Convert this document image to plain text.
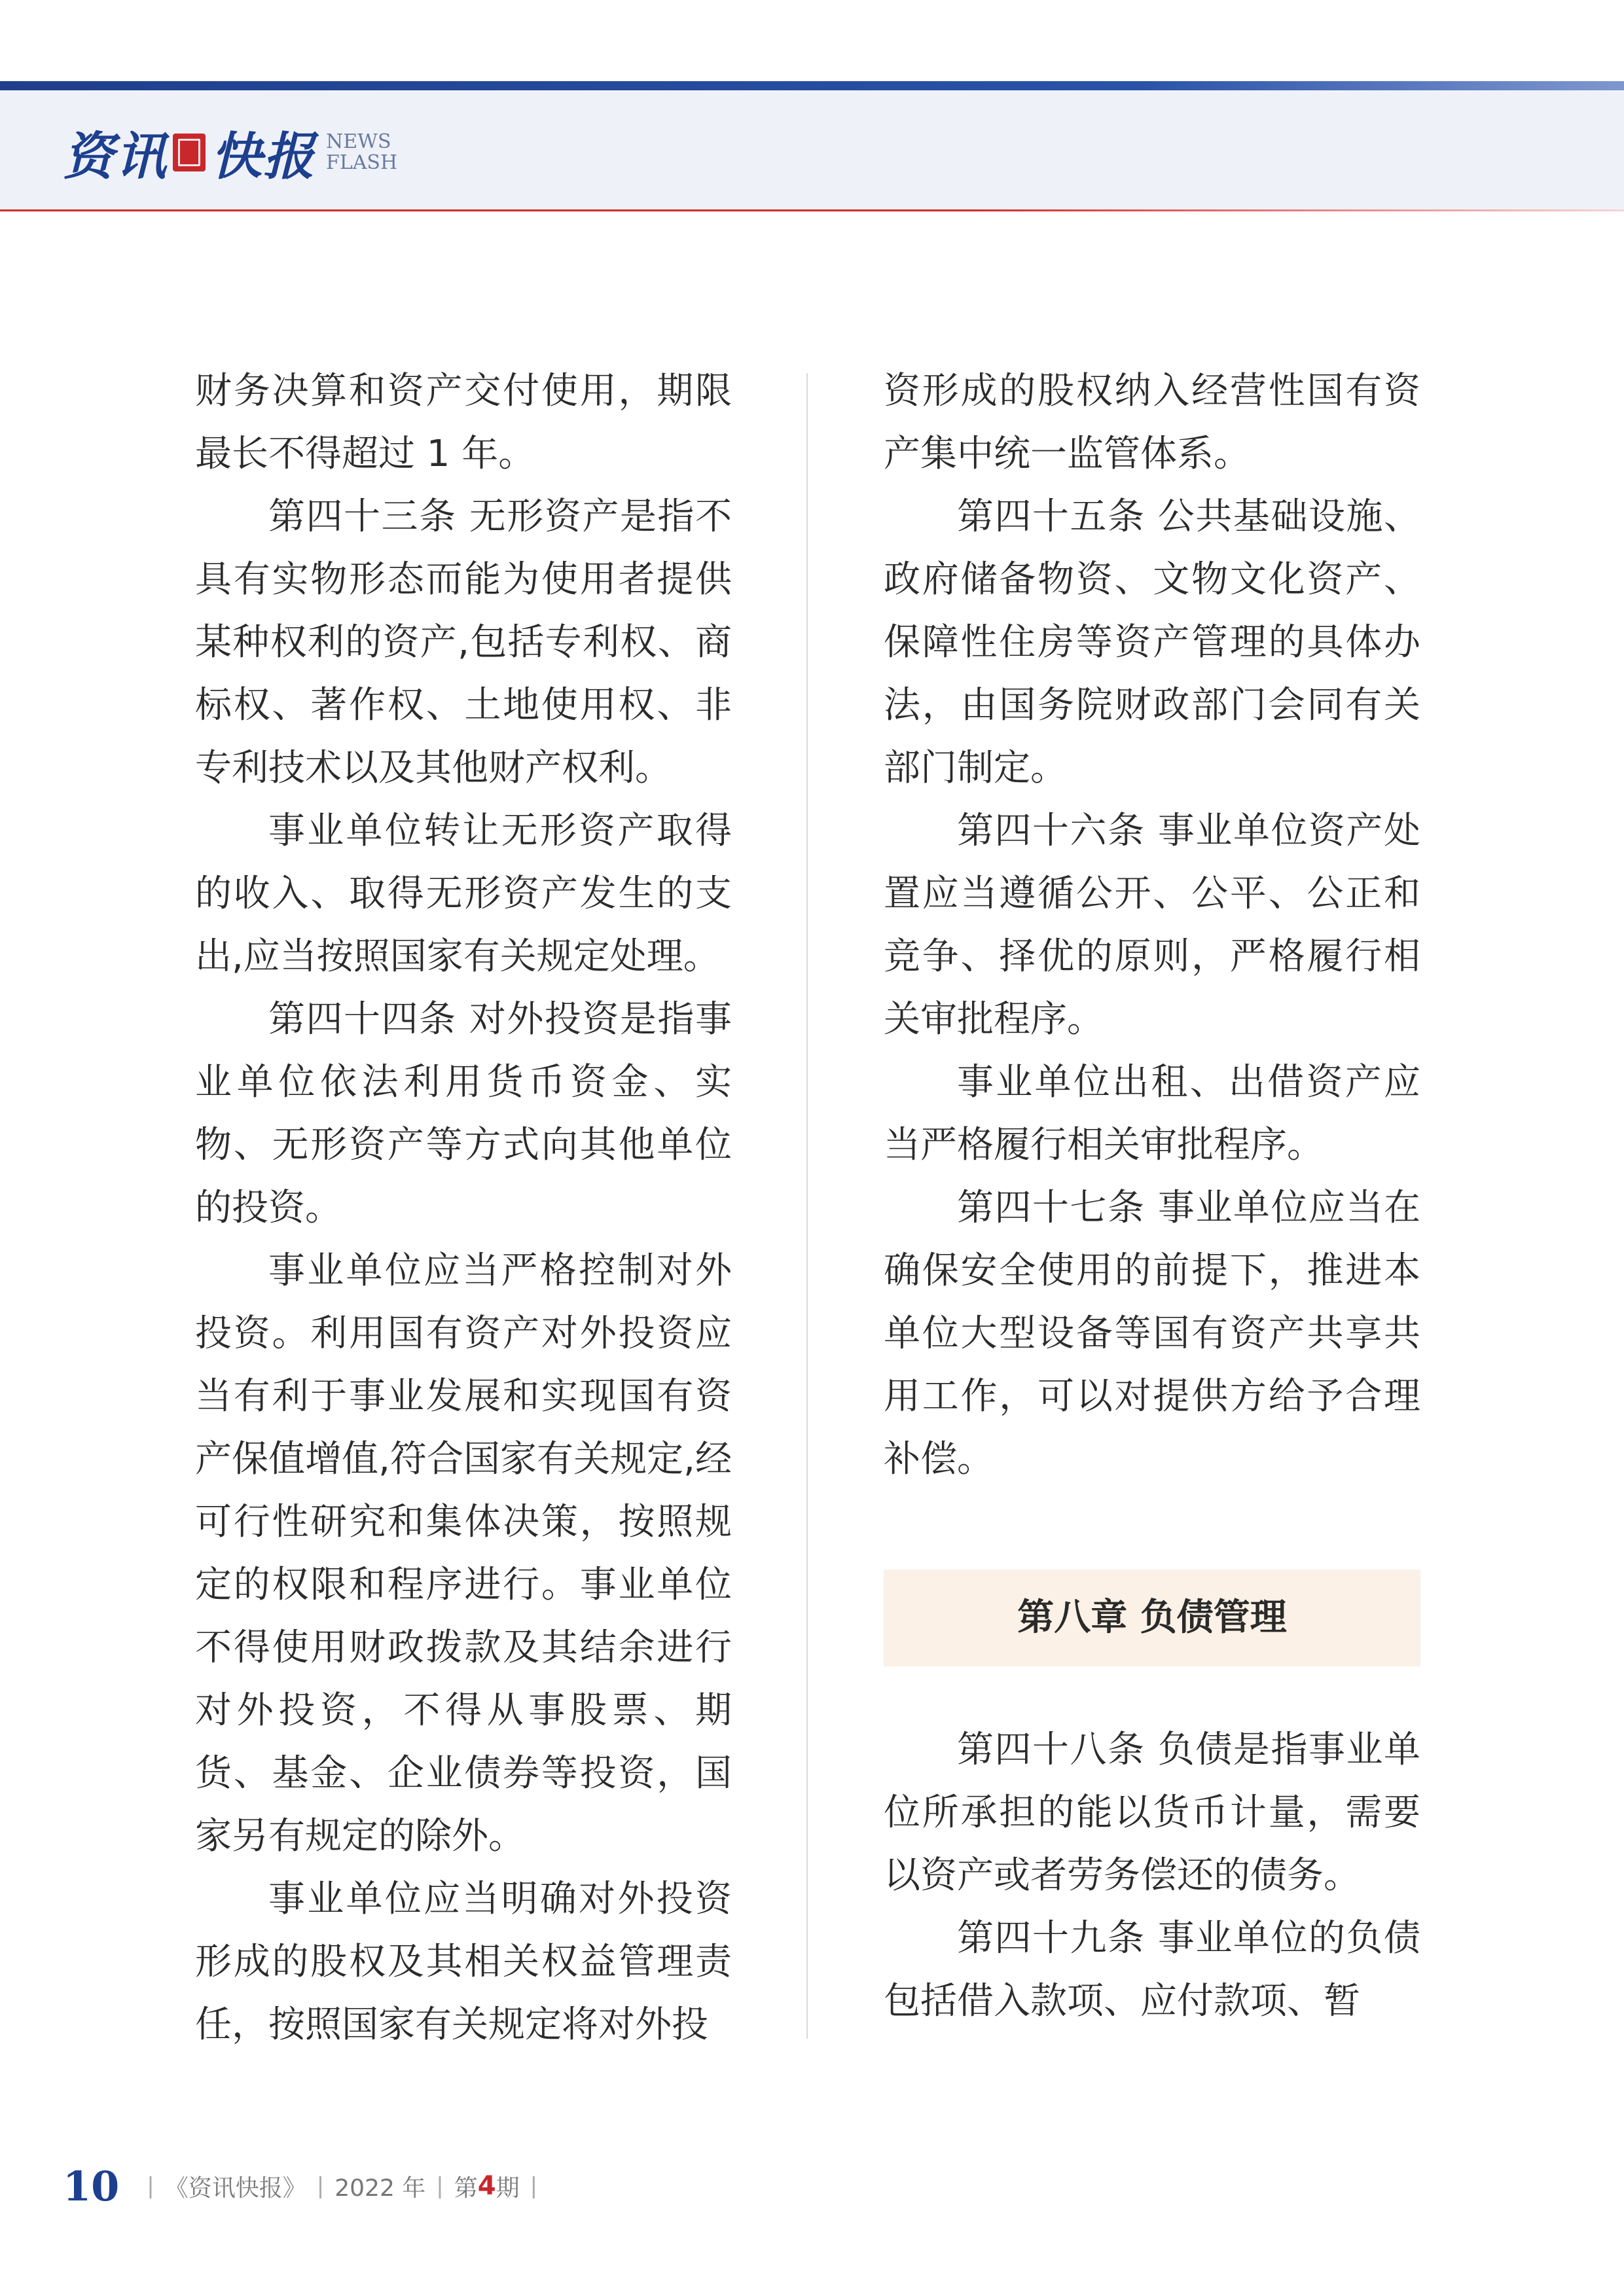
资讯 快报 NEWS
FLASH

财务决算和资产交付使用，期限最长不得超过 1 年。

第四十三条 无形资产是指不具有实物形态而能为使用者提供某种权利的资产,包括专利权、商标权、著作权、土地使用权、非专利技术以及其他财产权利。

事业单位转让无形资产取得的收入、取得无形资产发生的支出,应当按照国家有关规定处理。

第四十四条 对外投资是指事业单位依法利用货币资金、实物、无形资产等方式向其他单位的投资。

事业单位应当严格控制对外投资。利用国有资产对外投资应当有利于事业发展和实现国有资产保值增值,符合国家有关规定,经可行性研究和集体决策，按照规定的权限和程序进行。事业单位不得使用财政拨款及其结余进行对外投资，不得从事股票、期货、基金、企业债券等投资，国家另有规定的除外。

事业单位应当明确对外投资形成的股权及其相关权益管理责任，按照国家有关规定将对外投

资形成的股权纳入经营性国有资产集中统一监管体系。

第四十五条 公共基础设施、政府储备物资、文物文化资产、保障性住房等资产管理的具体办法，由国务院财政部门会同有关部门制定。

第四十六条 事业单位资产处置应当遵循公开、公平、公正和竞争、择优的原则，严格履行相关审批程序。

事业单位出租、出借资产应当严格履行相关审批程序。

第四十七条 事业单位应当在确保安全使用的前提下，推进本单位大型设备等国有资产共享共用工作，可以对提供方给予合理补偿。

第八章 负债管理

第四十八条 负债是指事业单位所承担的能以货币计量，需要以资产或者劳务偿还的债务。

第四十九条 事业单位的负债包括借入款项、应付款项、暂

10 | 《资讯快报》 | 2022 年 | 第 4 期 |
